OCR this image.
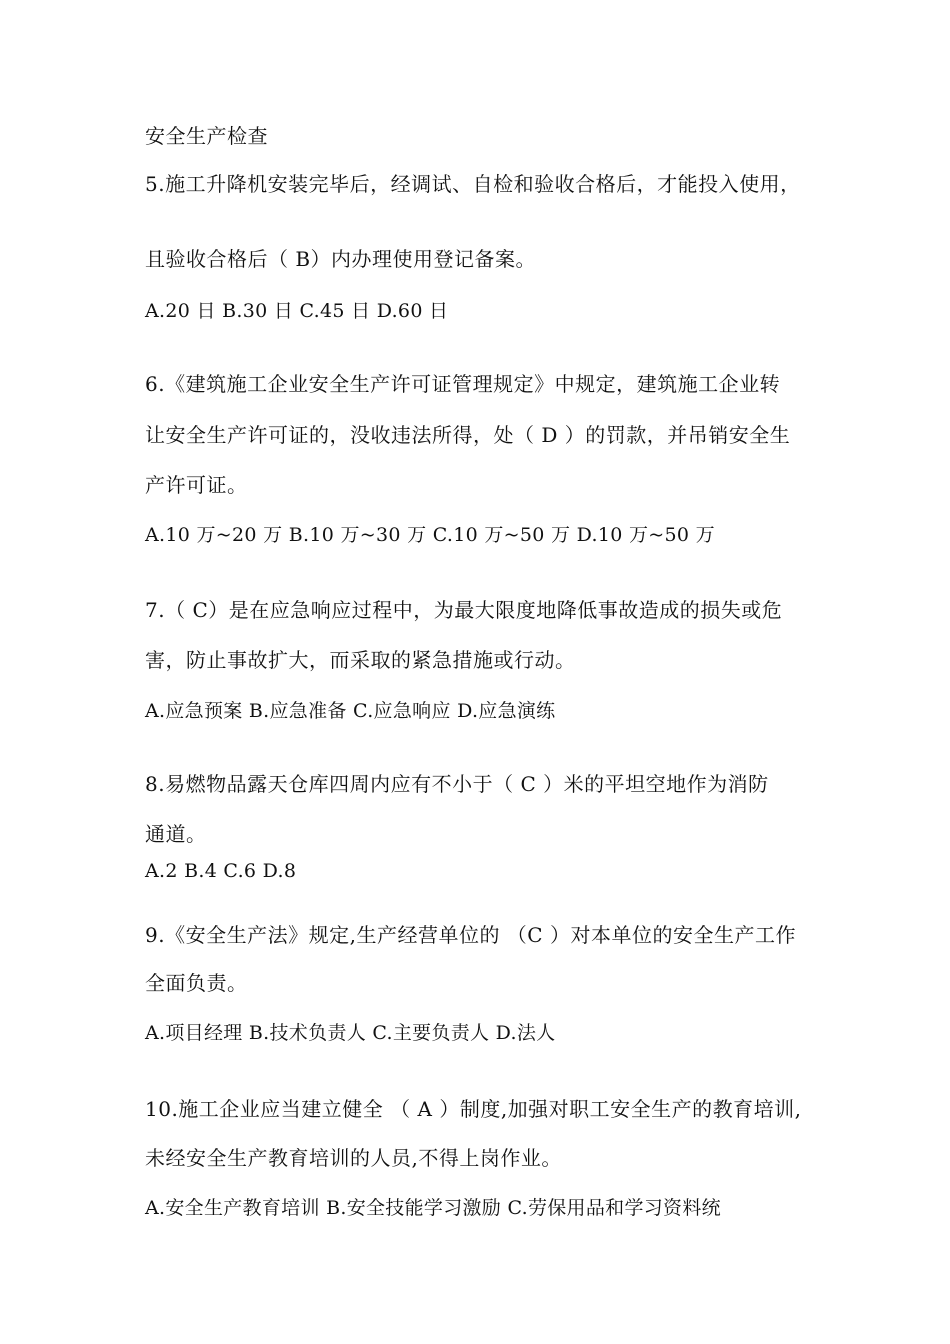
安全生产检查
5.施工升降机安装完毕后，经调试、自检和验收合格后，才能投入使用，
且验收合格后（ B）内办理使用登记备案。
A.20 日 B.30 日 C.45 日 D.60 日
6.《建筑施工企业安全生产许可证管理规定》中规定，建筑施工企业转
让安全生产许可证的，没收违法所得，处（ D ）的罚款，并吊销安全生
产许可证。
A.10 万~20 万 B.10 万~30 万 C.10 万~50 万 D.10 万~50 万
7.（ C）是在应急响应过程中，为最大限度地降低事故造成的损失或危
害，防止事故扩大，而采取的紧急措施或行动。
A.应急预案 B.应急准备 C.应急响应 D.应急演练
8.易燃物品露天仓库四周内应有不小于（ C ）米的平坦空地作为消防
通道。
A.2 B.4 C.6 D.8
9.《安全生产法》规定,生产经营单位的 （C ）对本单位的安全生产工作
全面负责。
A.项目经理 B.技术负责人 C.主要负责人 D.法人
10.施工企业应当建立健全 （ A ）制度,加强对职工安全生产的教育培训,
未经安全生产教育培训的人员,不得上岗作业。
A.安全生产教育培训 B.安全技能学习激励 C.劳保用品和学习资料统
